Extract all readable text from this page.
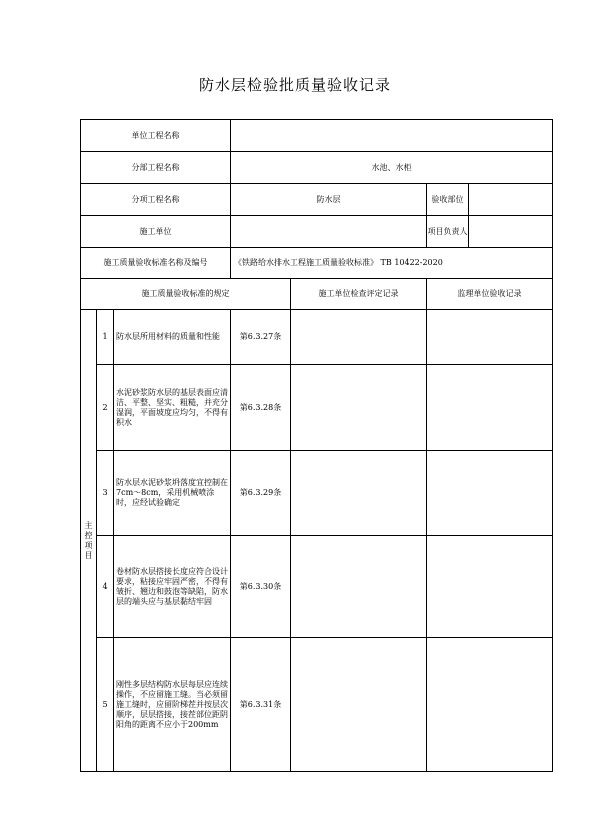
防水层检验批质量验收记录
单位工程名称						
分部工程名称			水池、水柜			
分项工程名称			防水层		验收部位	
施工单位					项目负责人	
施工质量验收标准名称及编号			《铁路给水排水工程施工质量验收标准》 TB 10422-2020			
施工质量验收标准的规定				施工单位检查评定记录	监理单位验收记录	
主控项目	1	防水层所用材料的质量和性能	第6.3.27条			
	2	水泥砂浆防水层的基层表面应清洁、平整、坚实、粗糙，并充分湿润，平面坡度应均匀，不得有积水	第6.3.28条			
	3	防水层水泥砂浆坍落度宜控制在7cm～8cm，采用机械喷涂时，应经试验确定	第6.3.29条			
	4	卷材防水层搭接长度应符合设计要求，粘接应牢固严密，不得有皱折、翘边和鼓泡等缺陷，防水层的端头应与基层黏结牢固	第6.3.30条			
	5	刚性多层结构防水层每层应连续操作，不应留施工缝。当必须留施工缝时，应留阶梯茬并按层次顺序，层层搭接，接茬部位距阴阳角的距离不应小于200mm	第6.3.31条			
